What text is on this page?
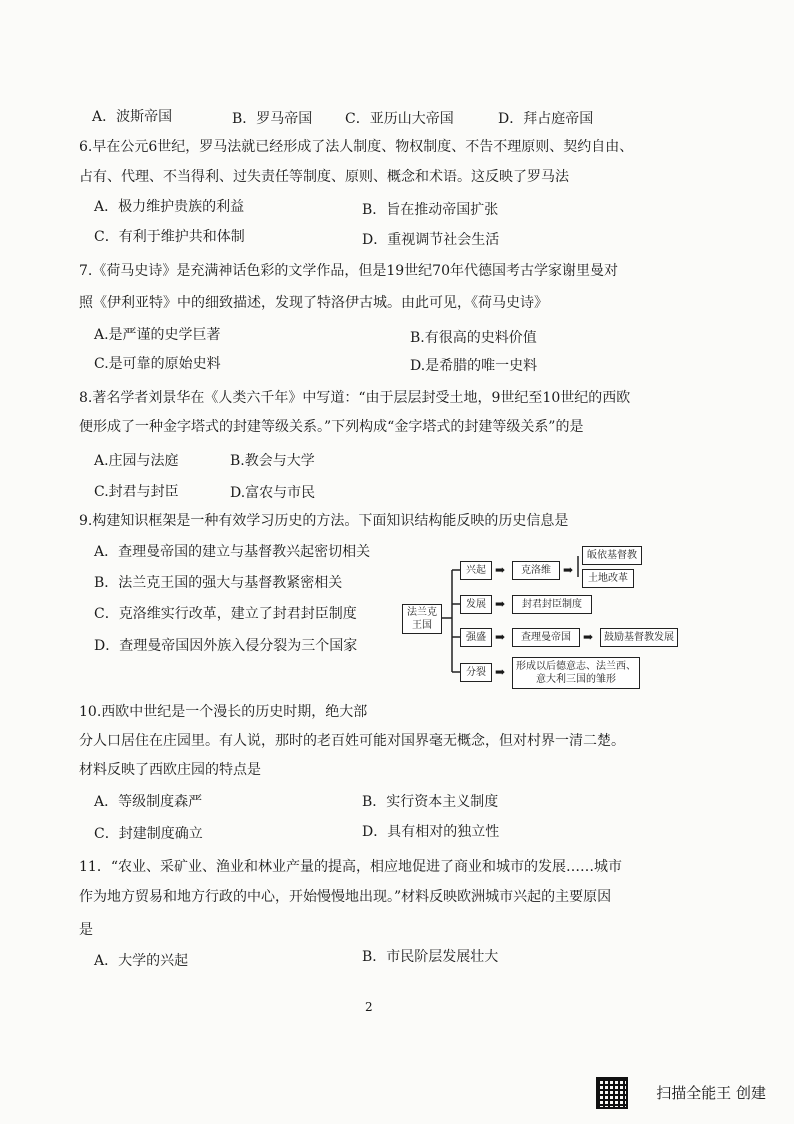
A．波斯帝国	B．罗马帝国 C．亚历山大帝国	D．拜占庭帝国
6.早在公元6世纪，罗马法就已经形成了法人制度、物权制度、不告不理原则、契约自由、
占有、代理、不当得利、过失责任等制度、原则、概念和术语。这反映了罗马法
A．极力维护贵族的利益	B．旨在推动帝国扩张
C．有利于维护共和体制	D．重视调节社会生活
7.《荷马史诗》是充满神话色彩的文学作品，但是19世纪70年代德国考古学家谢里曼对
照《伊利亚特》中的细致描述，发现了特洛伊古城。由此可见，《荷马史诗》
A.是严谨的史学巨著	B.有很高的史料价值
C.是可靠的原始史料	D.是希腊的唯一史料
8.著名学者刘景华在《人类六千年》中写道：“由于层层封受土地，9世纪至10世纪的西欧
便形成了一种金字塔式的封建等级关系。”下列构成“金字塔式的封建等级关系”的是
A.庄园与法庭	B.教会与大学
C.封君与封臣	D.富农与市民
9.构建知识框架是一种有效学习历史的方法。下面知识结构能反映的历史信息是
A．查理曼帝国的建立与基督教兴起密切相关
B．法兰克王国的强大与基督教紧密相关
C．克洛维实行改革，建立了封君封臣制度
D．查理曼帝国因外族入侵分裂为三个国家
法兰克王国
兴起 ➡	克洛维	➡
皈依基督教
土地改革
发展 ➡	封君封臣制度
强盛 ➡	查理曼帝国	➡	鼓励基督教发展
分裂 ➡	形成以后德意志、法兰西、意大利三国的雏形
10.西欧中世纪是一个漫长的历史时期，绝大部
分人口居住在庄园里。有人说，那时的老百姓可能对国界毫无概念，但对村界一清二楚。
材料反映了西欧庄园的特点是
A．等级制度森严	B．实行资本主义制度
C．封建制度确立	D．具有相对的独立性
11．“农业、采矿业、渔业和林业产量的提高，相应地促进了商业和城市的发展……城市
作为地方贸易和地方行政的中心，开始慢慢地出现。”材料反映欧洲城市兴起的主要原因
是
A．大学的兴起	B．市民阶层发展壮大
2
扫描全能王 创建
